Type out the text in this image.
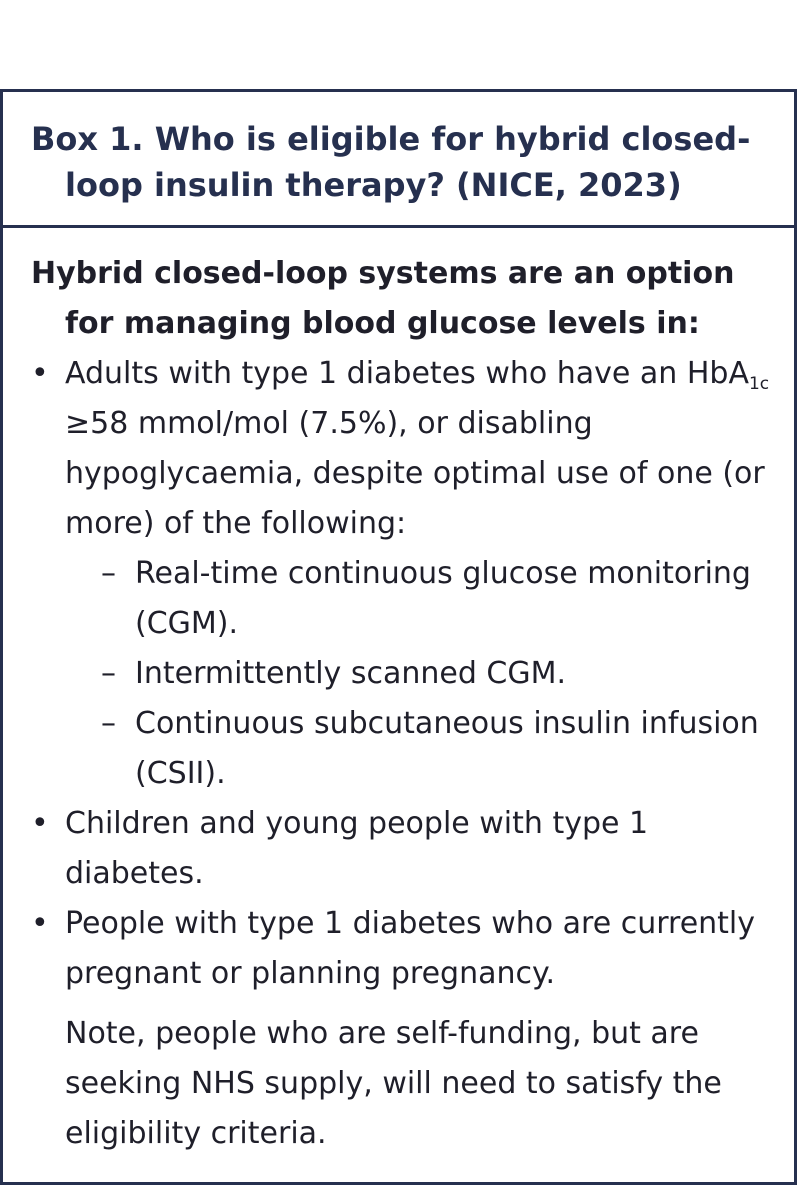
Box 1. Who is eligible for hybrid closed-loop insulin therapy? (NICE, 2023)

Hybrid closed-loop systems are an option for managing blood glucose levels in:

• Adults with type 1 diabetes who have an HbA$_{1c}$ ≥58 mmol/mol (7.5%), or disabling hypoglycaemia, despite optimal use of one (or more) of the following:
– Real-time continuous glucose monitoring (CGM).
– Intermittently scanned CGM.
– Continuous subcutaneous insulin infusion (CSII).
• Children and young people with type 1 diabetes.
• People with type 1 diabetes who are currently pregnant or planning pregnancy.

Note, people who are self-funding, but are seeking NHS supply, will need to satisfy the eligibility criteria.
